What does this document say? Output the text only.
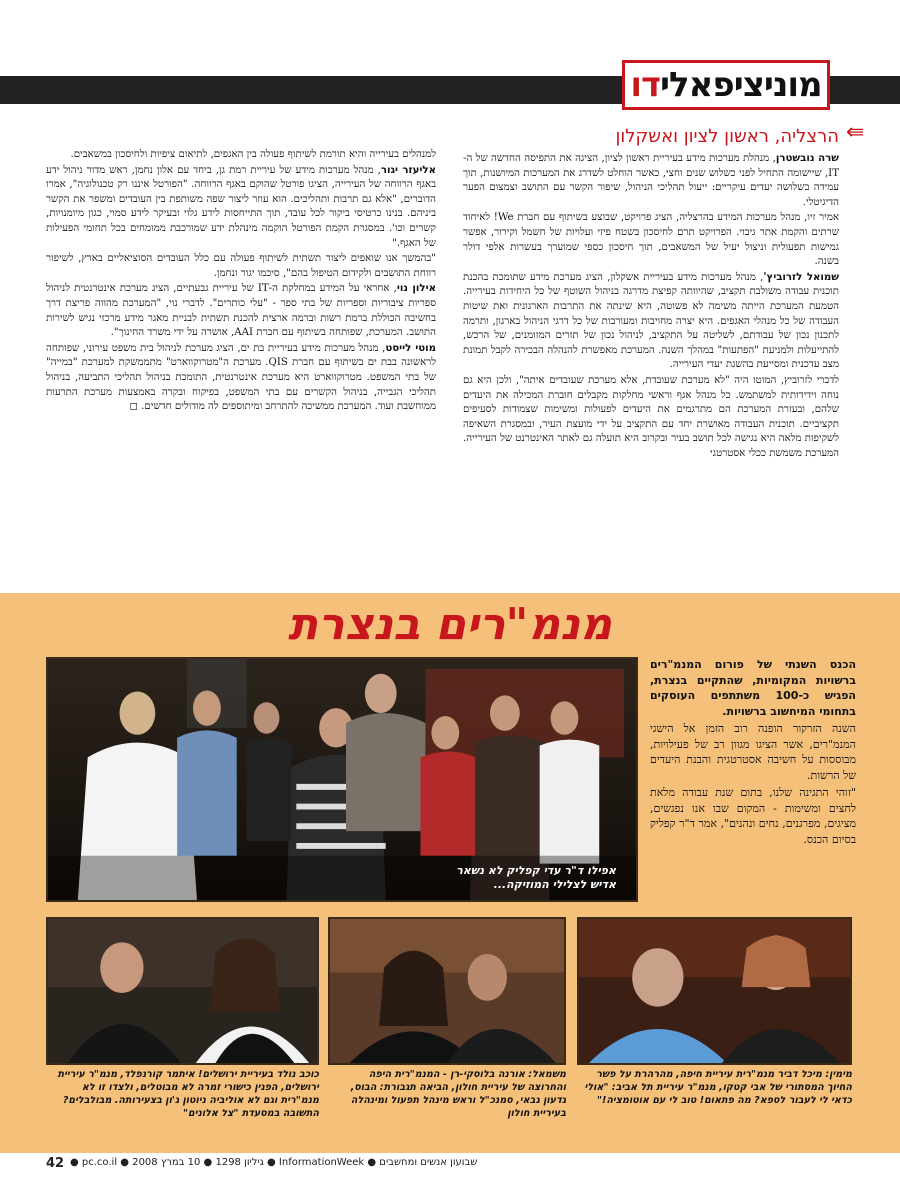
מוניציפאלידו
⇚
הרצליה, ראשון לציון ואשקלון

שרה נובשטרן, מנהלת מערכות מידע בעיריית ראשון לציון, הציגה את התפיסה החדשה של ה-IT, שיישומה התחיל לפני כשלוש שנים וחצי, כאשר הוחלט לשדרג את המערכות המיושנות, תוך עמידה בשלושה יעדים עיקריים: ייעול תהליכי הניהול, שיפור הקשר עם התושב וצמצום הפער הדיגיטלי.

אמיר זיו, מנהל מערכות המידע בהרצליה, הציג פרויקט, שבוצע בשיתוף עם חברת We! לאיחוד שרתים והקמת אתר גיבוי. הפרויקט תרם לחיסכון בשטח פיזי ועלויות של חשמל וקירור, אפשר גמישות תפעולית וניצול יעיל של המשאבים, תוך חיסכון כספי שמוערך בעשרות אלפי דולר בשנה.

שמואל לזרוביץ', מנהל מערכות מידע בעיריית אשקלון, הציג מערכת מידע שתומכת בהכנת תוכנית עבודה משולבת תקציב, שהיוותה קפיצת מדרגה בניהול השוטף של כל היחידות בעירייה. הטמעת המערכת הייתה משימה לא פשוטה, היא שינתה את התרבות הארגונית ואת שיטות העבודה של כל מנהלי האגפים. היא יצרה מחויבות ומעורבות של כל דרגי הניהול בארגון, ותרמה לתכנון נכון של עבודתם, לשליטה על התקציב, לניהול נכון של תזרים המזומנים, של הרכש, להתייעלות ולמניעת "הפתעות" במהלך השנה. המערכת מאפשרת להנהלה הבכירה לקבל תמונת מצב עדכנית ומסייעת בהשגת יעדי העירייה.

לדברי לזרוביץ, המוטו היה "לא מערכת שעובדת, אלא מערכת שעובדים איתה", ולכן היא גם נוחה וידידותית למשתמש. כל מנהל אגף וראשי מחלקות מקבלים חוברת המכילה את היעדים שלהם, ובעזרת המערכת הם מתרגמים את היעדים לפעולות ומשימות שצמודות לסעיפים תקציביים. תוכנית העבודה מאושרת יחד עם התקציב על ידי מועצת העיר, ובמסגרת השאיפה לשקיפות מלאה היא נגישה לכל תושב בעיר ובקרוב היא תועלה גם לאתר האינטרנט של העירייה. המערכת משמשת ככלי אסטרטגי

למנהלים בעירייה והיא תורמת לשיתוף פעולה בין האגפים, לתיאום ציפיות ולחיסכון במשאבים.

אליעזר יגור, מנהל מערכות מידע של עיריית רמת גן, ביחד עם אלון נחמן, ראש מדור ניהול ידע באגף הרווחה של העירייה, הציגו פורטל שהוקם באגף הרווחה. "הפורטל איננו רק טכנולוגיה", אמרו הדוברים, "אלא גם תרבות ותהליכים. הוא עוזר ליצור שפה משותפת בין העובדים ומשפר את הקשר ביניהם. בנינו כרטיסי ביקור לכל עובד, תוך התייחסות לידע גלוי ובעיקר לידע סמוי, כגון מיומנויות, קשרים וכו'. במסגרת הקמת הפורטל הוקמה מינהלת ידע שמורכבת ממומחים בכל תחומי הפעילות של האגף."

"בהמשך אנו שואפים ליצור תשתית לשיתוף פעולה עם כלל העובדים הסוציאליים בארץ, לשיפור רווחת התושבים ולקידום הטיפול בהם", סיכמו יגור ונחמן.

אילון נוי, אחראי על המידע במחלקת ה-IT של עיריית גבעתיים, הציג מערכת אינטרנטית לניהול ספריות ציבוריות וספריות של בתי ספר - "עלי כותרים". לדברי נוי, "המערכת מהווה פריצת דרך בחשיבה הכוללת ברמת רשות וברמה ארצית להכנת תשתית לבניית מאגר מידע מרכזי נגיש לשירות התושב. המערכת, שפותחה בשיתוף עם חברת AAI, אושרה על ידי משרד החינוך".

מוטי לייסט, מנהל מערכות מידע בעיריית בת ים, הציג מערכת לניהול בית משפט עירוני, שפותחה לראשונה בבת ים בשיתוף עם חברת QIS. מערכת ה"מטרוקווארט" מתממשקת למערכת "במייה" של בתי המשפט. מטרוקווארט היא מערכת אינטרנטית, התומכת בניהול תהליכי התביעה, בניהול תהליכי הגבייה, בניהול הקשרים עם בתי המשפט, בפיקוח ובקרה באמצעות מערכת התרעות ממוחשבת ועוד. המערכת ממשיכה להתרחב ומיתוספים לה מודולים חדשים. ◻

מנמ"רים בנצרת
אפילו ד"ר עדי קפליק לא נשאר
אדיש לצלילי המוזיקה...

הכנס השנתי של פורום המנמ"רים ברשויות המקומיות, שהתקיים בנצרת, הפגיש כ-100 משתתפים העוסקים בתחומי המיחשוב ברשויות.

השנה הזרקור הופנה רוב הזמן אל הישגי המנמ"רים, אשר הציגו מגוון רב של פעילויות, מבוססות על חשיבה אסטרטגית והבנת היעדים של הרשות.

"זוהי התגינה שלנו, בתום שנת עבודה מלאת לחצים ומשימות - המקום שבו אנו נפגשים, מציגים, מפרגנים, נחים ונהנים", אמר ד"ר קפליק בסיום הכנס.

מימין: מיכל דביר מנמ"רית עיריית חיפה, מהרהרת על פשר החיוך המסתורי של אבי קטקו, מנמ"ר עיריית תל אביב: "אולי כדאי לי לעבור לספא? מה פתאום! טוב לי עם אוטומציה!"
משמאל: אורנה בלוסקי-רן - המנמ"רית היפה והחרוצה של עיריית חולון, הביאה תגבורת: הבוס, גדעון גבאי, סמנכ"ל וראש מינהל תפעול ומינהלה בעיריית חולון
כוכב נולד בעיריית ירושלים! איתמר קורנפלד, מנמ"ר עיריית ירושלים, הפגין כישורי זמרה לא מבוטלים, ולצדו זו לא מנמ"רית וגם לא אוליביה ניוטון ג'ון בצעירותה. מבולבלים? התשובה במסעדת "צל אלונים"
42 שבועון אנשים ומחשבים ● InformationWeek ● גיליון 1298 ● 10 במרץ 2008 ● pc.co.il ●
